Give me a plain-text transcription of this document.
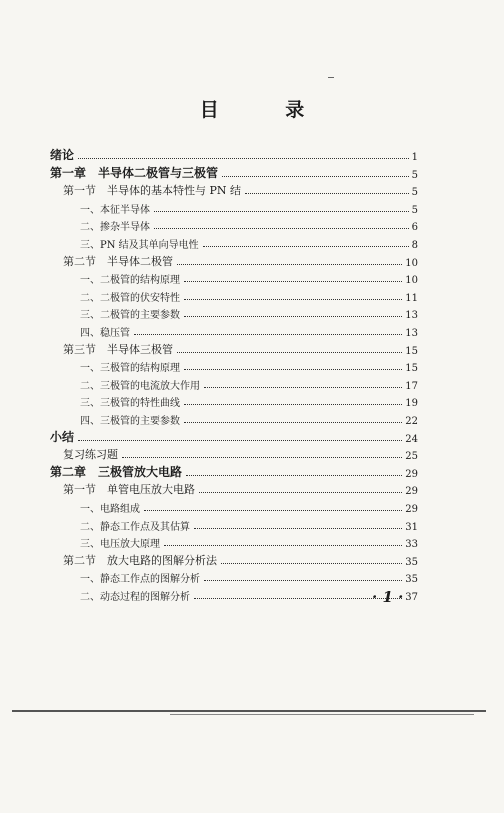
目 录
绪论	1
第一章　半导体二极管与三极管	5
第一节　半导体的基本特性与 PN 结	5
一、本征半导体	5
二、掺杂半导体	6
三、PN 结及其单向导电性	8
第二节　半导体二极管	10
一、二极管的结构原理	10
二、二极管的伏安特性	11
三、二极管的主要参数	13
四、稳压管	13
第三节　半导体三极管	15
一、三极管的结构原理	15
二、三极管的电流放大作用	17
三、三极管的特性曲线	19
四、三极管的主要参数	22
小结	24
复习练习题	25
第二章　三极管放大电路	29
第一节　单管电压放大电路	29
一、电路组成	29
二、静态工作点及其估算	31
三、电压放大原理	33
第二节　放大电路的图解分析法	35
一、静态工作点的图解分析	35
二、动态过程的图解分析	37
· 1 ·
